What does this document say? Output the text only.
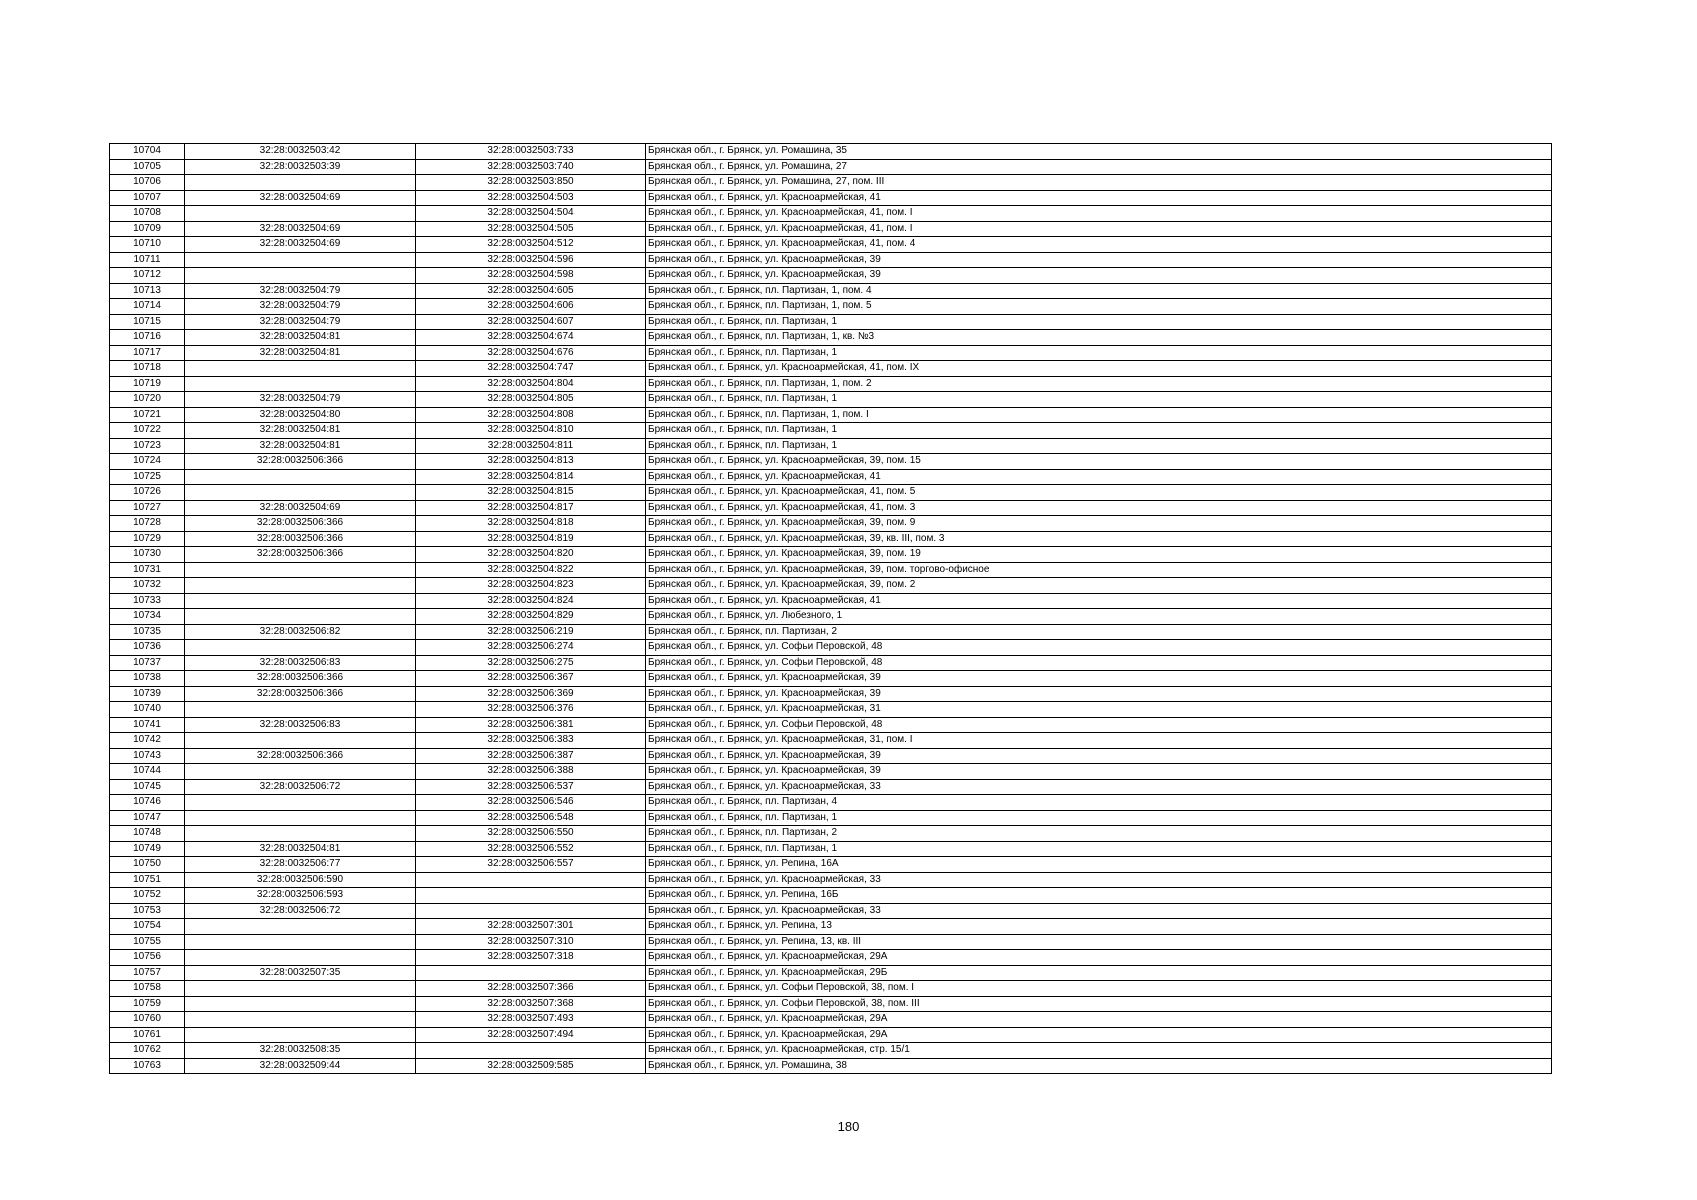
10704	32:28:0032503:42	32:28:0032503:733	Брянская обл., г. Брянск, ул. Ромашина, 35
10705	32:28:0032503:39	32:28:0032503:740	Брянская обл., г. Брянск, ул. Ромашина, 27
10706		32:28:0032503:850	Брянская обл., г. Брянск, ул. Ромашина, 27, пом. III
10707	32:28:0032504:69	32:28:0032504:503	Брянская обл., г. Брянск, ул. Красноармейская, 41
10708		32:28:0032504:504	Брянская обл., г. Брянск, ул. Красноармейская, 41, пом. I
10709	32:28:0032504:69	32:28:0032504:505	Брянская обл., г. Брянск, ул. Красноармейская, 41, пом. I
10710	32:28:0032504:69	32:28:0032504:512	Брянская обл., г. Брянск, ул. Красноармейская, 41, пом. 4
10711		32:28:0032504:596	Брянская обл., г. Брянск, ул. Красноармейская, 39
10712		32:28:0032504:598	Брянская обл., г. Брянск, ул. Красноармейская, 39
10713	32:28:0032504:79	32:28:0032504:605	Брянская обл., г. Брянск, пл. Партизан, 1, пом. 4
10714	32:28:0032504:79	32:28:0032504:606	Брянская обл., г. Брянск, пл. Партизан, 1, пом. 5
10715	32:28:0032504:79	32:28:0032504:607	Брянская обл., г. Брянск, пл. Партизан, 1
10716	32:28:0032504:81	32:28:0032504:674	Брянская обл., г. Брянск, пл. Партизан, 1, кв. №3
10717	32:28:0032504:81	32:28:0032504:676	Брянская обл., г. Брянск, пл. Партизан, 1
10718		32:28:0032504:747	Брянская обл., г. Брянск, ул. Красноармейская, 41, пом. IX
10719		32:28:0032504:804	Брянская обл., г. Брянск, пл. Партизан, 1, пом. 2
10720	32:28:0032504:79	32:28:0032504:805	Брянская обл., г. Брянск, пл. Партизан, 1
10721	32:28:0032504:80	32:28:0032504:808	Брянская обл., г. Брянск, пл. Партизан, 1, пом. I
10722	32:28:0032504:81	32:28:0032504:810	Брянская обл., г. Брянск, пл. Партизан, 1
10723	32:28:0032504:81	32:28:0032504:811	Брянская обл., г. Брянск, пл. Партизан, 1
10724	32:28:0032506:366	32:28:0032504:813	Брянская обл., г. Брянск, ул. Красноармейская, 39, пом. 15
10725		32:28:0032504:814	Брянская обл., г. Брянск, ул. Красноармейская, 41
10726		32:28:0032504:815	Брянская обл., г. Брянск, ул. Красноармейская, 41, пом. 5
10727	32:28:0032504:69	32:28:0032504:817	Брянская обл., г. Брянск, ул. Красноармейская, 41, пом. 3
10728	32:28:0032506:366	32:28:0032504:818	Брянская обл., г. Брянск, ул. Красноармейская, 39, пом. 9
10729	32:28:0032506:366	32:28:0032504:819	Брянская обл., г. Брянск, ул. Красноармейская, 39, кв. III, пом. 3
10730	32:28:0032506:366	32:28:0032504:820	Брянская обл., г. Брянск, ул. Красноармейская, 39, пом. 19
10731		32:28:0032504:822	Брянская обл., г. Брянск, ул. Красноармейская, 39, пом. торгово-офисное
10732		32:28:0032504:823	Брянская обл., г. Брянск, ул. Красноармейская, 39, пом. 2
10733		32:28:0032504:824	Брянская обл., г. Брянск, ул. Красноармейская, 41
10734		32:28:0032504:829	Брянская обл., г. Брянск, ул. Любезного, 1
10735	32:28:0032506:82	32:28:0032506:219	Брянская обл., г. Брянск, пл. Партизан, 2
10736		32:28:0032506:274	Брянская обл., г. Брянск, ул. Софьи Перовской, 48
10737	32:28:0032506:83	32:28:0032506:275	Брянская обл., г. Брянск, ул. Софьи Перовской, 48
10738	32:28:0032506:366	32:28:0032506:367	Брянская обл., г. Брянск, ул. Красноармейская, 39
10739	32:28:0032506:366	32:28:0032506:369	Брянская обл., г. Брянск, ул. Красноармейская, 39
10740		32:28:0032506:376	Брянская обл., г. Брянск, ул. Красноармейская, 31
10741	32:28:0032506:83	32:28:0032506:381	Брянская обл., г. Брянск, ул. Софьи Перовской, 48
10742		32:28:0032506:383	Брянская обл., г. Брянск, ул. Красноармейская, 31, пом. I
10743	32:28:0032506:366	32:28:0032506:387	Брянская обл., г. Брянск, ул. Красноармейская, 39
10744		32:28:0032506:388	Брянская обл., г. Брянск, ул. Красноармейская, 39
10745	32:28:0032506:72	32:28:0032506:537	Брянская обл., г. Брянск, ул. Красноармейская, 33
10746		32:28:0032506:546	Брянская обл., г. Брянск, пл. Партизан, 4
10747		32:28:0032506:548	Брянская обл., г. Брянск, пл. Партизан, 1
10748		32:28:0032506:550	Брянская обл., г. Брянск, пл. Партизан, 2
10749	32:28:0032504:81	32:28:0032506:552	Брянская обл., г. Брянск, пл. Партизан, 1
10750	32:28:0032506:77	32:28:0032506:557	Брянская обл., г. Брянск, ул. Репина, 16А
10751	32:28:0032506:590		Брянская обл., г. Брянск, ул. Красноармейская, 33
10752	32:28:0032506:593		Брянская обл., г. Брянск, ул. Репина, 16Б
10753	32:28:0032506:72		Брянская обл., г. Брянск, ул. Красноармейская, 33
10754		32:28:0032507:301	Брянская обл., г. Брянск, ул. Репина, 13
10755		32:28:0032507:310	Брянская обл., г. Брянск, ул. Репина, 13, кв. III
10756		32:28:0032507:318	Брянская обл., г. Брянск, ул. Красноармейская, 29А
10757	32:28:0032507:35		Брянская обл., г. Брянск, ул. Красноармейская, 29Б
10758		32:28:0032507:366	Брянская обл., г. Брянск, ул. Софьи Перовской, 38, пом. I
10759		32:28:0032507:368	Брянская обл., г. Брянск, ул. Софьи Перовской, 38, пом. III
10760		32:28:0032507:493	Брянская обл., г. Брянск, ул. Красноармейская, 29А
10761		32:28:0032507:494	Брянская обл., г. Брянск, ул. Красноармейская, 29А
10762	32:28:0032508:35		Брянская обл., г. Брянск, ул. Красноармейская, стр. 15/1
10763	32:28:0032509:44	32:28:0032509:585	Брянская обл., г. Брянск, ул. Ромашина, 38
180
